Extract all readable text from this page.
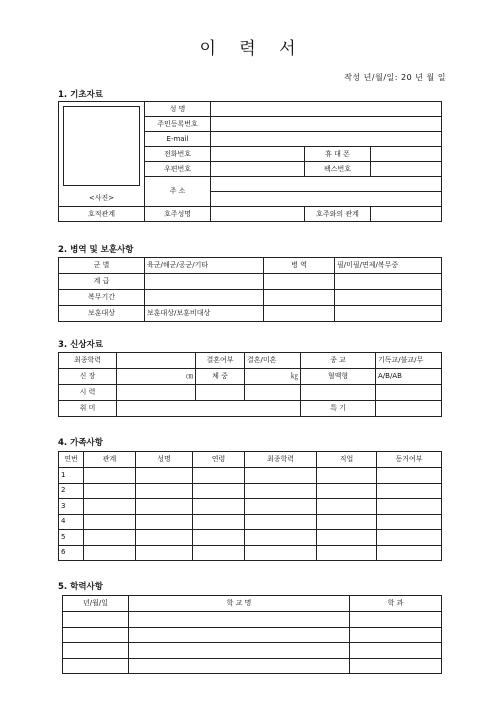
이 력 서
작성 년/월/일: 20 년 월 일
1. 기초자료
<사진>	성 명			
	주민등록번호			
	E-mail			
	전화번호		휴 대 폰	
	우편번호		팩스번호	
	주 소			

호적관계	호주성명		호주와의 관계	
2. 병역 및 보훈사항
군 별	육군/해군/공군/기타	병 역	필/미필/면제/복무중
계 급			
복무기간			
보훈대상	보훈대상/보훈비대상		
3. 신상자료
최종학력		결혼여부	결혼/미혼	종 교	기독교/불교/무
신 장	㎝	체 중	㎏	혈액형	A/B/AB
시 력					
취 미				특 기	
4. 가족사항
연번	관계	성명	연령	최종학력	직업	동거여부
1						
2						
3						
4						
5						
6						
5. 학력사항
년/월/일	학 교 명	학 과
